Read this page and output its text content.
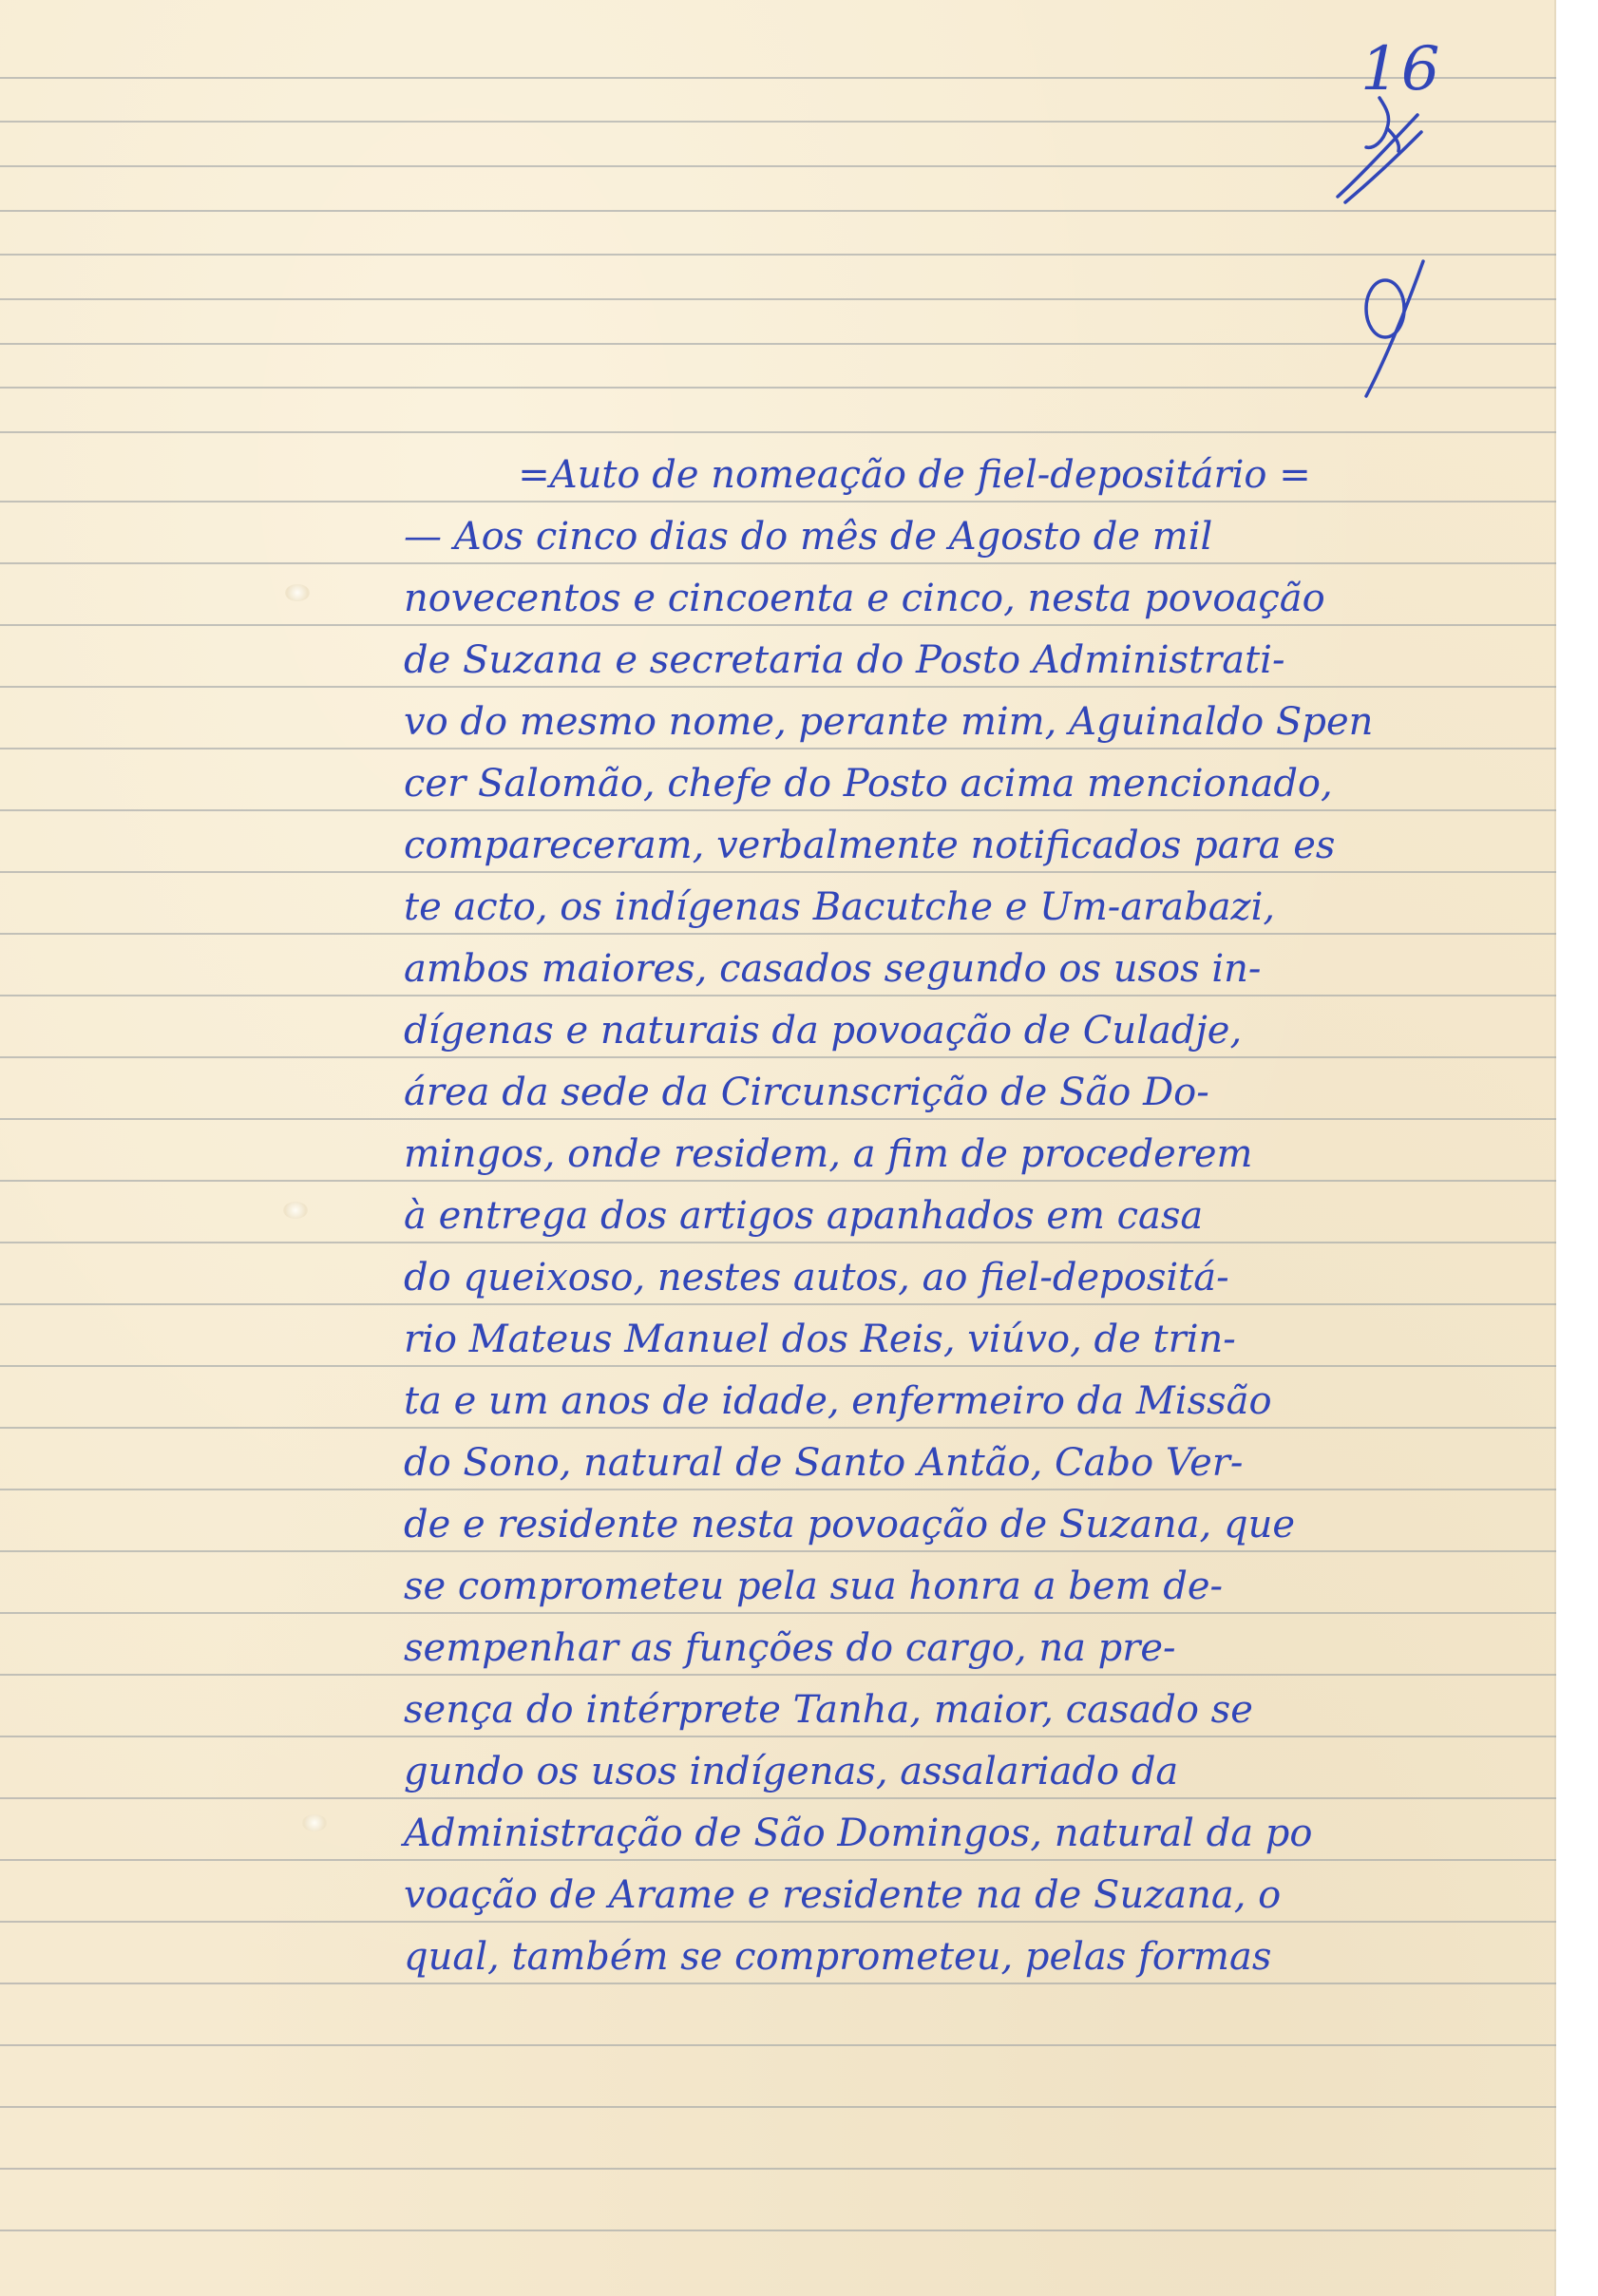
16
=Auto de nomeação de fiel-depositário =
— Aos cinco dias do mês de Agosto de mil
novecentos e cincoenta e cinco, nesta povoação
de Suzana e secretaria do Posto Administrati-
vo do mesmo nome, perante mim, Aguinaldo Spen
cer Salomão, chefe do Posto acima mencionado,
compareceram, verbalmente notificados para es
te acto, os indígenas Bacutche e Um-arabazi,
ambos maiores, casados segundo os usos in-
dígenas e naturais da povoação de Culadje,
área da sede da Circunscrição de São Do-
mingos, onde residem, a fim de procederem
à entrega dos artigos apanhados em casa
do queixoso, nestes autos, ao fiel-depositá-
rio Mateus Manuel dos Reis, viúvo, de trin-
ta e um anos de idade, enfermeiro da Missão
do Sono, natural de Santo Antão, Cabo Ver-
de e residente nesta povoação de Suzana, que
se comprometeu pela sua honra a bem de-
sempenhar as funções do cargo, na pre-
sença do intérprete Tanha, maior, casado se
gundo os usos indígenas, assalariado da
Administração de São Domingos, natural da po
voação de Arame e residente na de Suzana, o
qual, também se comprometeu, pelas formas
